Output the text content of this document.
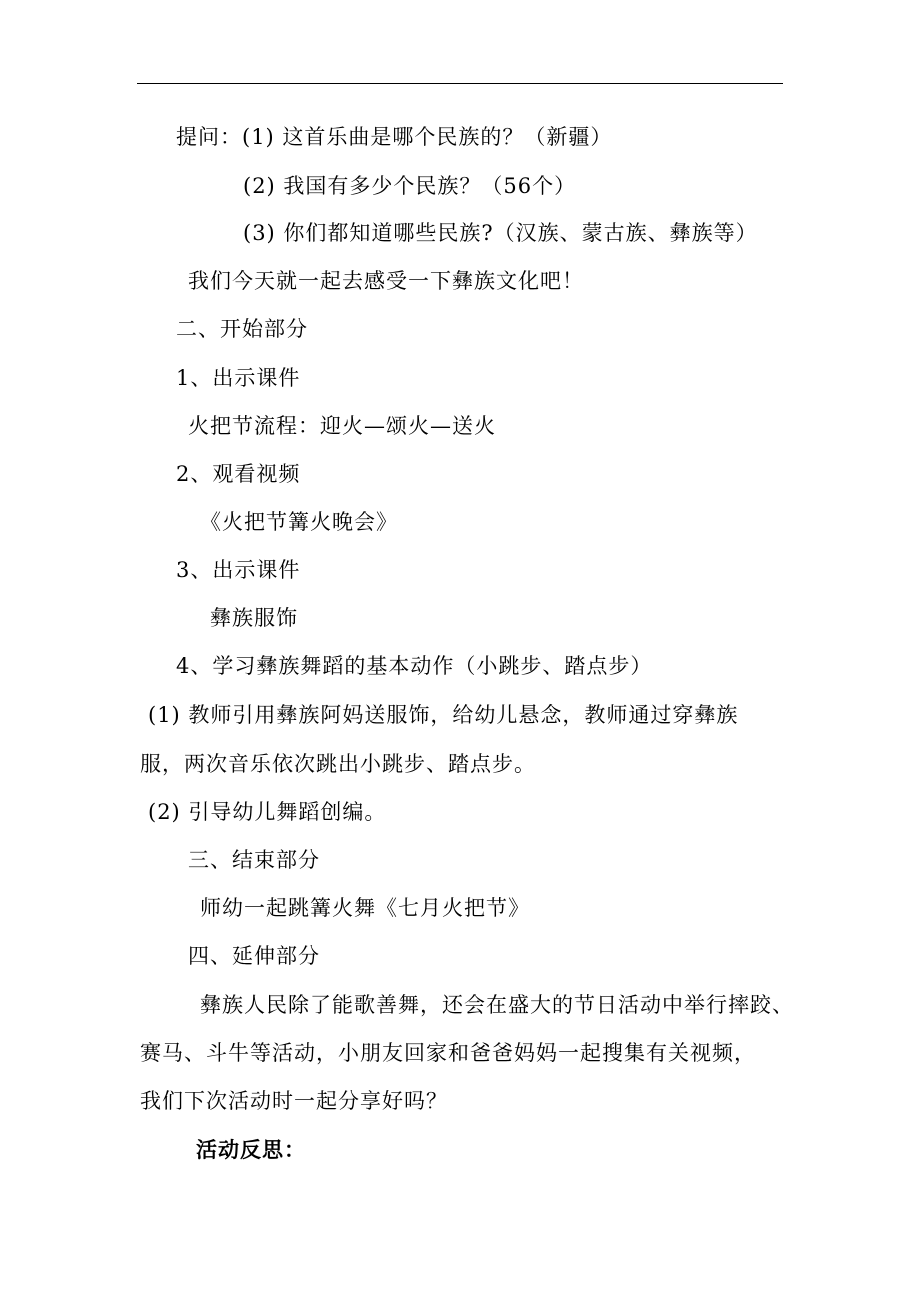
提问：(1) 这首乐曲是哪个民族的？（新疆）
(2) 我国有多少个民族？（56个）
(3) 你们都知道哪些民族?（汉族、蒙古族、彝族等）
我们今天就一起去感受一下彝族文化吧！
二、开始部分
1、出示课件
火把节流程：迎火—颂火—送火
2、观看视频
《火把节篝火晚会》
3、出示课件
彝族服饰
4、学习彝族舞蹈的基本动作（小跳步、踏点步）
(1) 教师引用彝族阿妈送服饰，给幼儿悬念，教师通过穿彝族
服，两次音乐依次跳出小跳步、踏点步。
(2) 引导幼儿舞蹈创编。
三、结束部分
师幼一起跳篝火舞《七月火把节》
四、延伸部分
彝族人民除了能歌善舞，还会在盛大的节日活动中举行摔跤、
赛马、斗牛等活动，小朋友回家和爸爸妈妈一起搜集有关视频，
我们下次活动时一起分享好吗？
活动反思：
